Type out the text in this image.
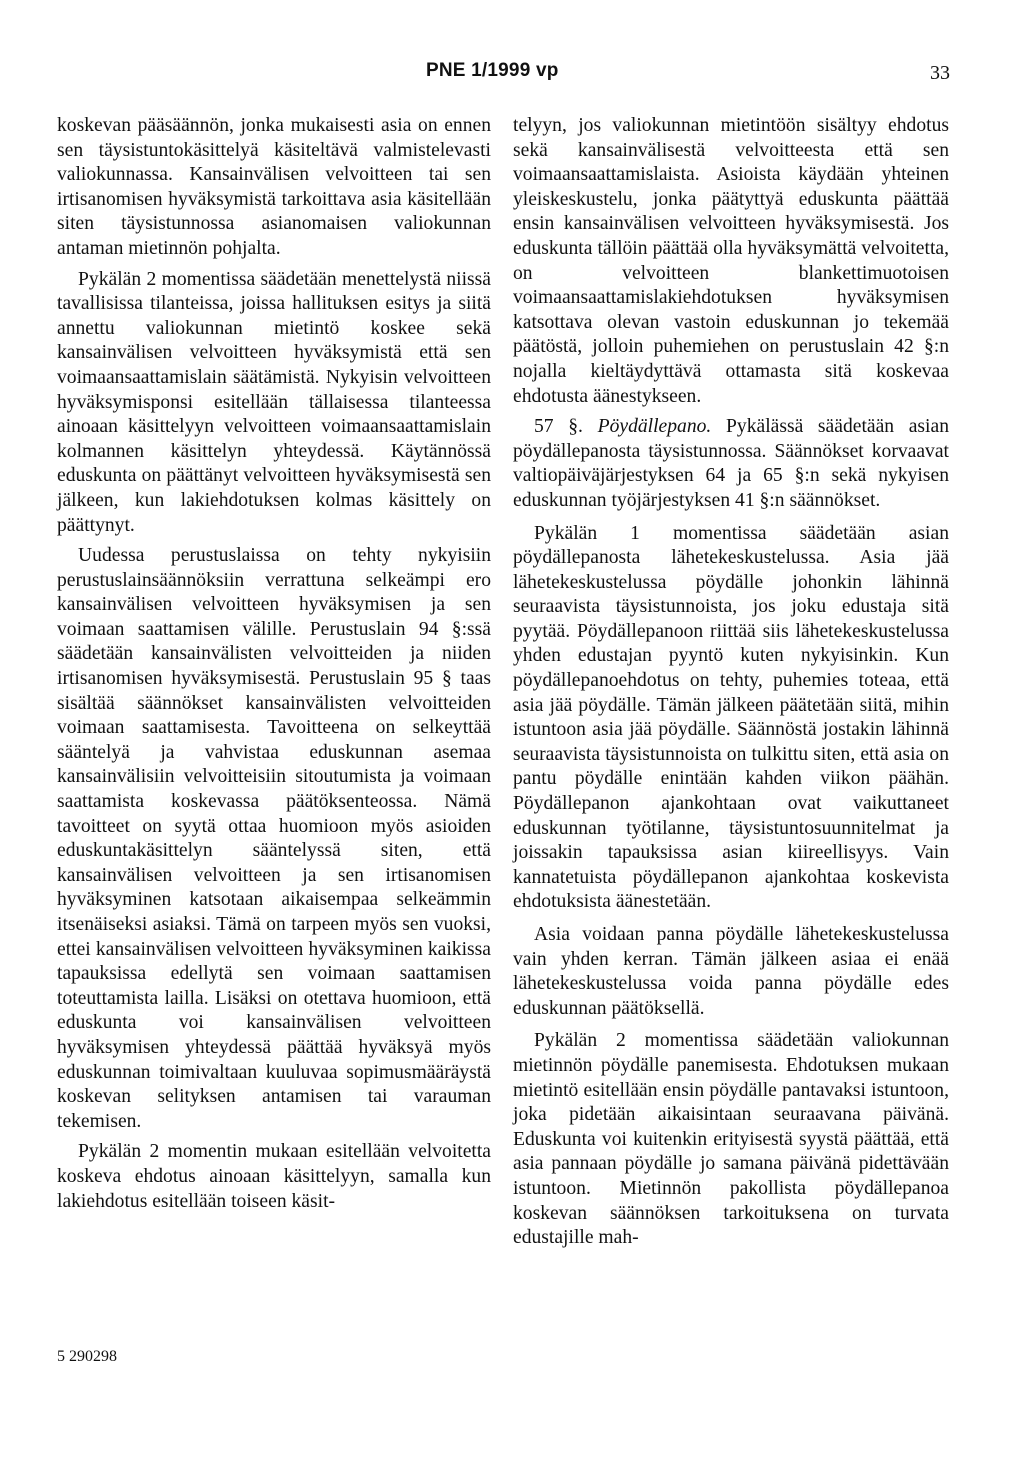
PNE 1/1999 vp	33

koskevan pääsäännön, jonka mukaisesti asia on ennen sen täysistuntokäsittelyä käsiteltävä valmistelevasti valiokunnassa. Kansainvälisen velvoitteen tai sen irtisanomisen hyväksymistä tarkoittava asia käsitellään siten täysistunnossa asianomaisen valiokunnan antaman mietinnön pohjalta.

Pykälän 2 momentissa säädetään menettelystä niissä tavallisissa tilanteissa, joissa hallituksen esitys ja siitä annettu valiokunnan mietintö koskee sekä kansainvälisen velvoitteen hyväksymistä että sen voimaansaattamislain säätämistä. Nykyisin velvoitteen hyväksymisponsi esitellään tällaisessa tilanteessa ainoaan käsittelyyn velvoitteen voimaansaattamislain kolmannen käsittelyn yhteydessä. Käytännössä eduskunta on päättänyt velvoitteen hyväksymisestä sen jälkeen, kun lakiehdotuksen kolmas käsittely on päättynyt.

Uudessa perustuslaissa on tehty nykyisiin perustuslainsäännöksiin verrattuna selkeämpi ero kansainvälisen velvoitteen hyväksymisen ja sen voimaan saattamisen välille. Perustuslain 94 §:ssä säädetään kansainvälisten velvoitteiden ja niiden irtisanomisen hyväksymisestä. Perustuslain 95 § taas sisältää säännökset kansainvälisten velvoitteiden voimaan saattamisesta. Tavoitteena on selkeyttää sääntelyä ja vahvistaa eduskunnan asemaa kansainvälisiin velvoitteisiin sitoutumista ja voimaan saattamista koskevassa päätöksenteossa. Nämä tavoitteet on syytä ottaa huomioon myös asioiden eduskuntakäsittelyn sääntelyssä siten, että kansainvälisen velvoitteen ja sen irtisanomisen hyväksyminen katsotaan aikaisempaa selkeämmin itsenäiseksi asiaksi. Tämä on tarpeen myös sen vuoksi, ettei kansainvälisen velvoitteen hyväksyminen kaikissa tapauksissa edellytä sen voimaan saattamisen toteuttamista lailla. Lisäksi on otettava huomioon, että eduskunta voi kansainvälisen velvoitteen hyväksymisen yhteydessä päättää hyväksyä myös eduskunnan toimivaltaan kuuluvaa sopimusmääräystä koskevan selityksen antamisen tai varauman tekemisen.

Pykälän 2 momentin mukaan esitellään velvoitetta koskeva ehdotus ainoaan käsittelyyn, samalla kun lakiehdotus esitellään toiseen käsit-

telyyn, jos valiokunnan mietintöön sisältyy ehdotus sekä kansainvälisestä velvoitteesta että sen voimaansaattamislaista. Asioista käydään yhteinen yleiskeskustelu, jonka päätyttyä eduskunta päättää ensin kansainvälisen velvoitteen hyväksymisestä. Jos eduskunta tällöin päättää olla hyväksymättä velvoitetta, on velvoitteen blankettimuotoisen voimaansaattamislakiehdotuksen hyväksymisen katsottava olevan vastoin eduskunnan jo tekemää päätöstä, jolloin puhemiehen on perustuslain 42 §:n nojalla kieltäydyttävä ottamasta sitä koskevaa ehdotusta äänestykseen.

57 §. Pöydällepano. Pykälässä säädetään asian pöydällepanosta täysistunnossa. Säännökset korvaavat valtiopäiväjärjestyksen 64 ja 65 §:n sekä nykyisen eduskunnan työjärjestyksen 41 §:n säännökset.

Pykälän 1 momentissa säädetään asian pöydällepanosta lähetekeskustelussa. Asia jää lähetekeskustelussa pöydälle johonkin lähinnä seuraavista täysistunnoista, jos joku edustaja sitä pyytää. Pöydällepanoon riittää siis lähetekeskustelussa yhden edustajan pyyntö kuten nykyisinkin. Kun pöydällepanoehdotus on tehty, puhemies toteaa, että asia jää pöydälle. Tämän jälkeen päätetään siitä, mihin istuntoon asia jää pöydälle. Säännöstä jostakin lähinnä seuraavista täysistunnoista on tulkittu siten, että asia on pantu pöydälle enintään kahden viikon päähän. Pöydällepanon ajankohtaan ovat vaikuttaneet eduskunnan työtilanne, täysistuntosuunnitelmat ja joissakin tapauksissa asian kiireellisyys. Vain kannatetuista pöydällepanon ajankohtaa koskevista ehdotuksista äänestetään.

Asia voidaan panna pöydälle lähetekeskustelussa vain yhden kerran. Tämän jälkeen asiaa ei enää lähetekeskustelussa voida panna pöydälle edes eduskunnan päätöksellä.

Pykälän 2 momentissa säädetään valiokunnan mietinnön pöydälle panemisesta. Ehdotuksen mukaan mietintö esitellään ensin pöydälle pantavaksi istuntoon, joka pidetään aikaisintaan seuraavana päivänä. Eduskunta voi kuitenkin erityisestä syystä päättää, että asia pannaan pöydälle jo samana päivänä pidettävään istuntoon. Mietinnön pakollista pöydällepanoa koskevan säännöksen tarkoituksena on turvata edustajille mah-

5 290298
